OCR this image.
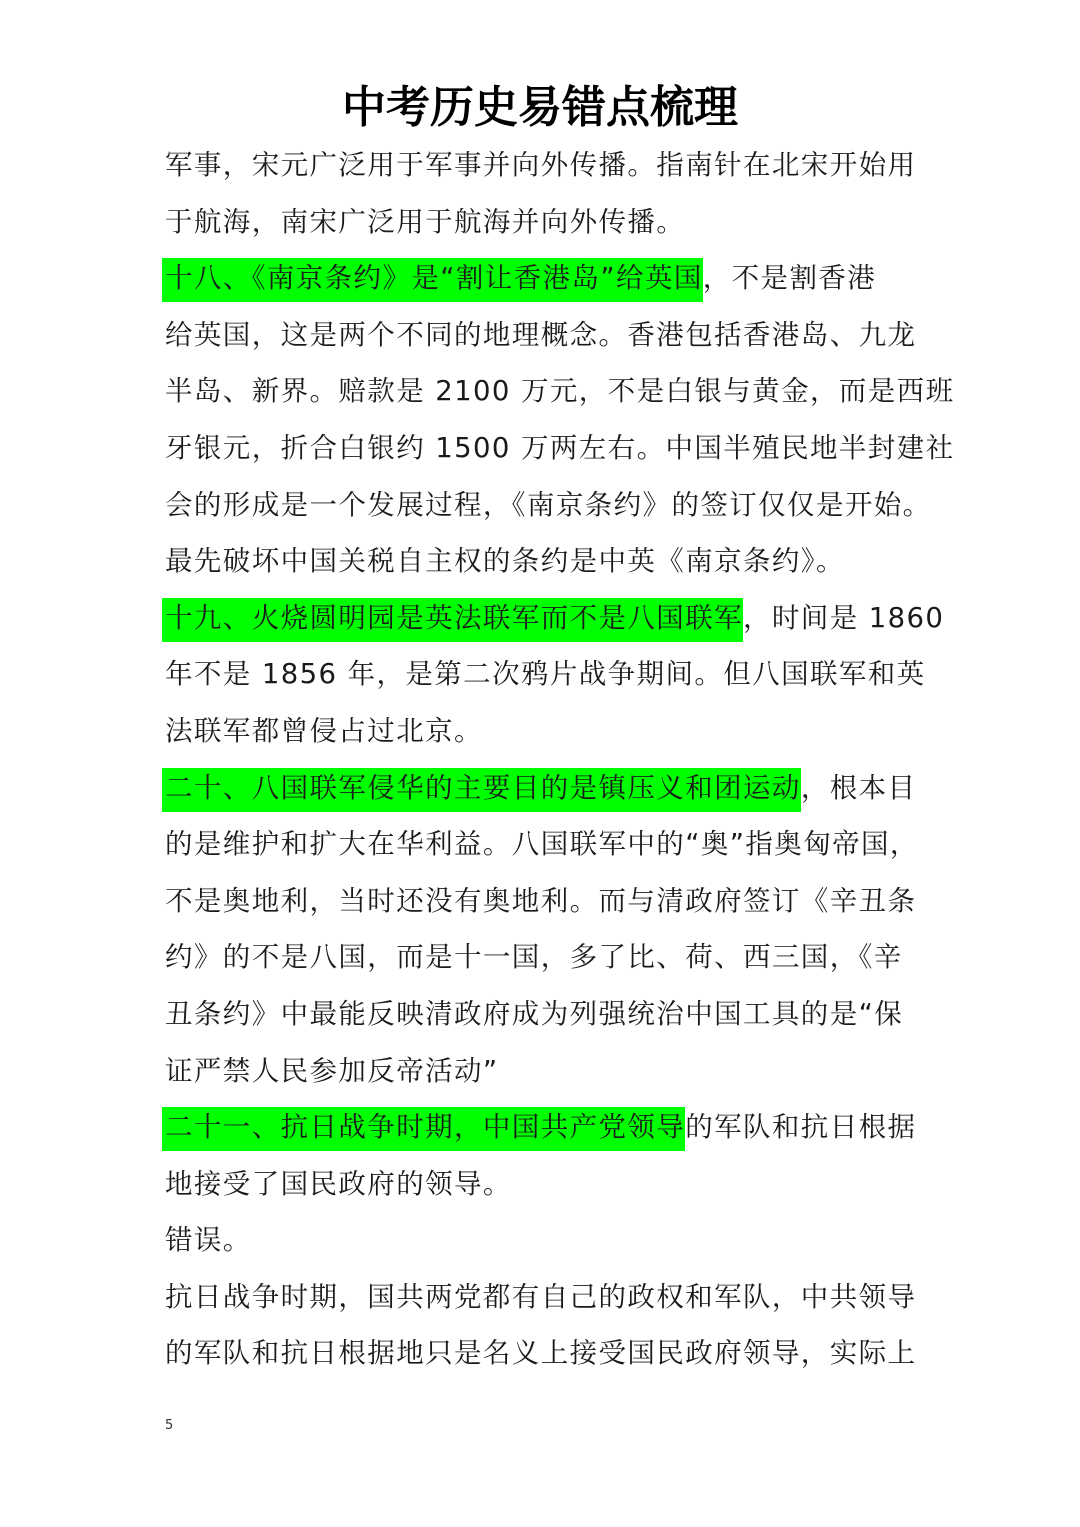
中考历史易错点梳理
军事，宋元广泛用于军事并向外传播。指南针在北宋开始用
于航海，南宋广泛用于航海并向外传播。
十八、《南京条约》是“割让香港岛”给英国，不是割香港
给英国，这是两个不同的地理概念。香港包括香港岛、九龙
半岛、新界。赔款是 2100 万元，不是白银与黄金，而是西班
牙银元，折合白银约 1500 万两左右。中国半殖民地半封建社
会的形成是一个发展过程，《南京条约》的签订仅仅是开始。
最先破坏中国关税自主权的条约是中英《南京条约》。
十九、火烧圆明园是英法联军而不是八国联军，时间是 1860
年不是 1856 年，是第二次鸦片战争期间。但八国联军和英
法联军都曾侵占过北京。
二十、八国联军侵华的主要目的是镇压义和团运动，根本目
的是维护和扩大在华利益。八国联军中的“奥”指奥匈帝国，
不是奥地利，当时还没有奥地利。而与清政府签订《辛丑条
约》的不是八国，而是十一国，多了比、荷、西三国，《辛
丑条约》中最能反映清政府成为列强统治中国工具的是“保
证严禁人民参加反帝活动”
二十一、抗日战争时期，中国共产党领导的军队和抗日根据
地接受了国民政府的领导。
错误。
抗日战争时期，国共两党都有自己的政权和军队，中共领导
的军队和抗日根据地只是名义上接受国民政府领导，实际上
5
